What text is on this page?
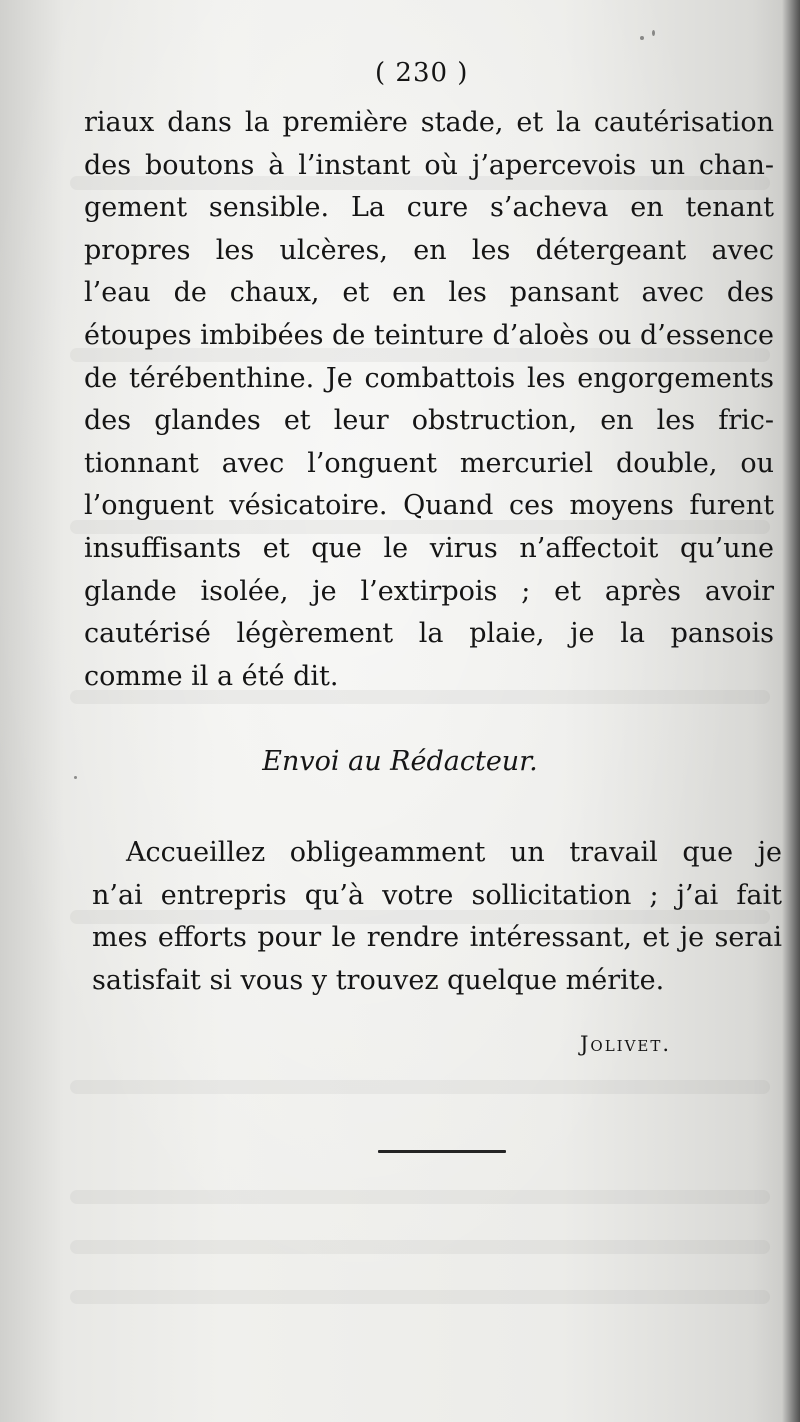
( 230 )
riaux dans la première stade, et la cautérisation
des boutons à l’instant où j’apercevois un chan-
gement sensible. La cure s’acheva en tenant
propres les ulcères, en les détergeant avec
l’eau de chaux, et en les pansant avec des
étoupes imbibées de teinture d’aloès ou d’essence
de térébenthine. Je combattois les engorgements
des glandes et leur obstruction, en les fric-
tionnant avec l’onguent mercuriel double, ou
l’onguent vésicatoire. Quand ces moyens furent
insuffisants et que le virus n’affectoit qu’une
glande isolée, je l’extirpois ; et après avoir
cautérisé légèrement la plaie, je la pansois
comme il a été dit.
Envoi au Rédacteur.
Accueillez obligeamment un travail que je
n’ai entrepris qu’à votre sollicitation ; j’ai fait
mes efforts pour le rendre intéressant, et je serai
satisfait si vous y trouvez quelque mérite.
Jolivet.
